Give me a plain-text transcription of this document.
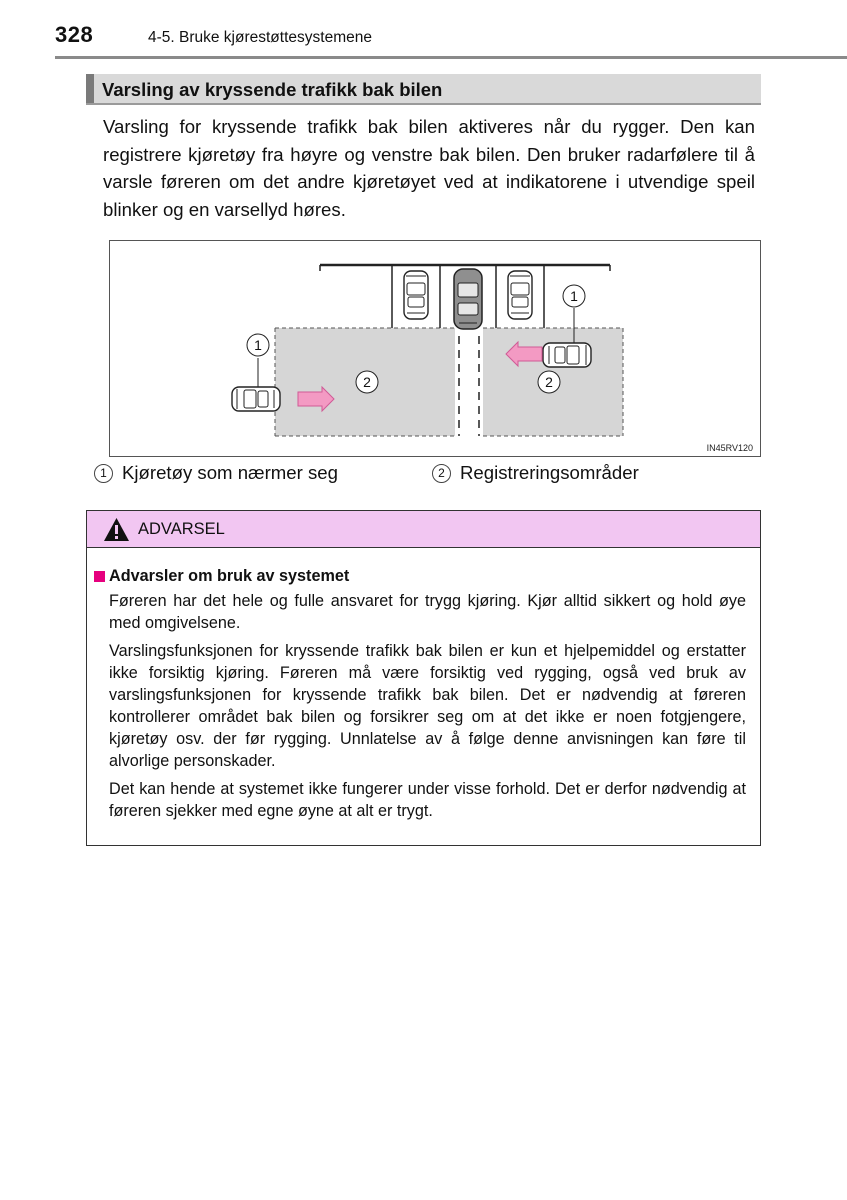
328	4-5. Bruke kjørestøttesystemene
Varsling av kryssende trafikk bak bilen

Varsling for kryssende trafikk bak bilen aktiveres når du rygger. Den kan registrere kjøretøy fra høyre og venstre bak bilen. Den bruker radarfølere til å varsle føreren om det andre kjøretøyet ved at indikatorene i utvendige speil blinker og en varsellyd høres.

1
1
2	2
IN45RV120
1 Kjøretøy som nærmer seg	2 Registreringsområder
ADVARSEL
Advarsler om bruk av systemet

Føreren har det hele og fulle ansvaret for trygg kjøring. Kjør alltid sikkert og hold øye med omgivelsene.

Varslingsfunksjonen for kryssende trafikk bak bilen er kun et hjelpemiddel og erstatter ikke forsiktig kjøring. Føreren må være forsiktig ved rygging, også ved bruk av varslingsfunksjonen for kryssende trafikk bak bilen. Det er nødvendig at føreren kontrollerer området bak bilen og forsikrer seg om at det ikke er noen fotgjengere, kjøretøy osv. der før rygging. Unnlatelse av å følge denne anvisningen kan føre til alvorlige personskader.

Det kan hende at systemet ikke fungerer under visse forhold. Det er derfor nødvendig at føreren sjekker med egne øyne at alt er trygt.
